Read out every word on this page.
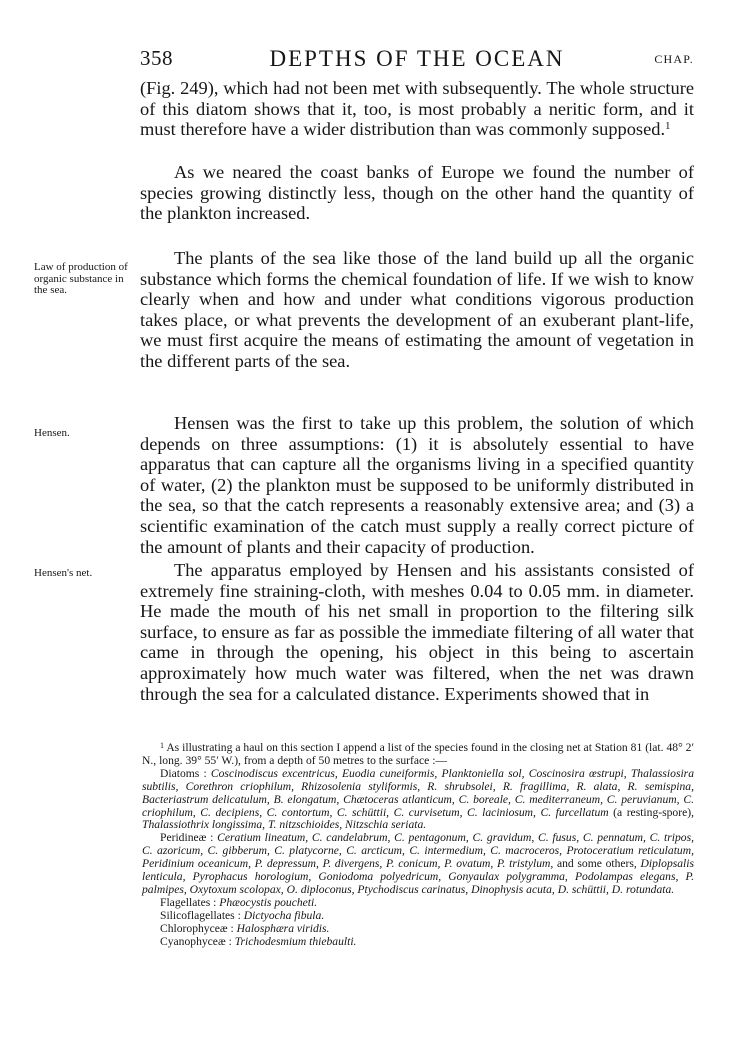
358	DEPTHS OF THE OCEAN	CHAP.
Law of production of organic substance in the sea.
Hensen.
Hensen's net.

(Fig. 249), which had not been met with subsequently. The whole structure of this diatom shows that it, too, is most probably a neritic form, and it must therefore have a wider distribution than was commonly supposed.$^1$

As we neared the coast banks of Europe we found the number of species growing distinctly less, though on the other hand the quantity of the plankton increased.

The plants of the sea like those of the land build up all the organic substance which forms the chemical foundation of life. If we wish to know clearly when and how and under what conditions vigorous production takes place, or what prevents the development of an exuberant plant-life, we must first acquire the means of estimating the amount of vegetation in the different parts of the sea.

Hensen was the first to take up this problem, the solution of which depends on three assumptions: (1) it is absolutely essential to have apparatus that can capture all the organisms living in a specified quantity of water, (2) the plankton must be supposed to be uniformly distributed in the sea, so that the catch represents a reasonably extensive area; and (3) a scientific examination of the catch must supply a really correct picture of the amount of plants and their capacity of production.

The apparatus employed by Hensen and his assistants consisted of extremely fine straining-cloth, with meshes 0.04 to 0.05 mm. in diameter. He made the mouth of his net small in proportion to the filtering silk surface, to ensure as far as possible the immediate filtering of all water that came in through the opening, his object in this being to ascertain approximately how much water was filtered, when the net was drawn through the sea for a calculated distance. Experiments showed that in

$^1$ As illustrating a haul on this section I append a list of the species found in the closing net at Station 81 (lat. 48° 2′ N., long. 39° 55′ W.), from a depth of 50 metres to the surface :—

Diatoms : Coscinodiscus excentricus, Euodia cuneiformis, Planktoniella sol, Coscinosira œstrupi, Thalassiosira subtilis, Corethron criophilum, Rhizosolenia styliformis, R. shrubsolei, R. fragillima, R. alata, R. semispina, Bacteriastrum delicatulum, B. elongatum, Chætoceras atlanticum, C. boreale, C. mediterraneum, C. peruvianum, C. criophilum, C. decipiens, C. contortum, C. schüttii, C. curvisetum, C. laciniosum, C. furcellatum (a resting-spore), Thalassiothrix longissima, T. nitzschioides, Nitzschia seriata.

Peridineæ : Ceratium lineatum, C. candelabrum, C. pentagonum, C. gravidum, C. fusus, C. pennatum, C. tripos, C. azoricum, C. gibberum, C. platycorne, C. arcticum, C. intermedium, C. macroceros, Protoceratium reticulatum, Peridinium oceanicum, P. depressum, P. divergens, P. conicum, P. ovatum, P. tristylum, and some others, Diplopsalis lenticula, Pyrophacus horologium, Goniodoma polyedricum, Gonyaulax polygramma, Podolampas elegans, P. palmipes, Oxytoxum scolopax, O. diploconus, Ptychodiscus carinatus, Dinophysis acuta, D. schüttii, D. rotundata.

Flagellates : Phæocystis poucheti.

Silicoflagellates : Dictyocha fibula.

Chlorophyceæ : Halosphæra viridis.

Cyanophyceæ : Trichodesmium thiebaulti.
